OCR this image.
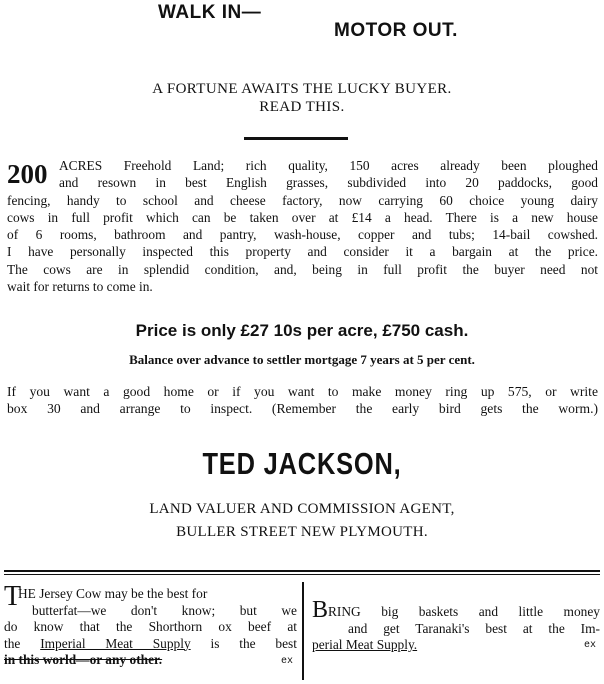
WALK IN—
MOTOR OUT.
A FORTUNE AWAITS THE LUCKY BUYER.
READ THIS.
200 ACRES Freehold Land; rich quality, 150 acres already been ploughed
and resown in best English grasses, subdivided into 20 paddocks, good
fencing, handy to school and cheese factory, now carrying 60 choice young dairy
cows in full profit which can be taken over at £14 a head. There is a new house
of 6 rooms, bathroom and pantry, wash-house, copper and tubs; 14-bail cowshed.
I have personally inspected this property and consider it a bargain at the price.
The cows are in splendid condition, and, being in full profit the buyer need not
wait for returns to come in.
Price is only £27 10s per acre, £750 cash.
Balance over advance to settler mortgage 7 years at 5 per cent.
If you want a good home or if you want to make money ring up 575, or write
box 30 and arrange to inspect. (Remember the early bird gets the worm.)
TED JACKSON,
LAND VALUER AND COMMISSION AGENT,
BULLER STREET NEW PLYMOUTH.
T
HE Jersey Cow may be the best for
butterfat—we don't know; but we
do know that the Shorthorn ox beef at
the Imperial Meat Supply is the best
in this world—or any other.	ex
B RING big baskets and little money
and get Taranaki's best at the Im-
perial Meat Supply.	ex
